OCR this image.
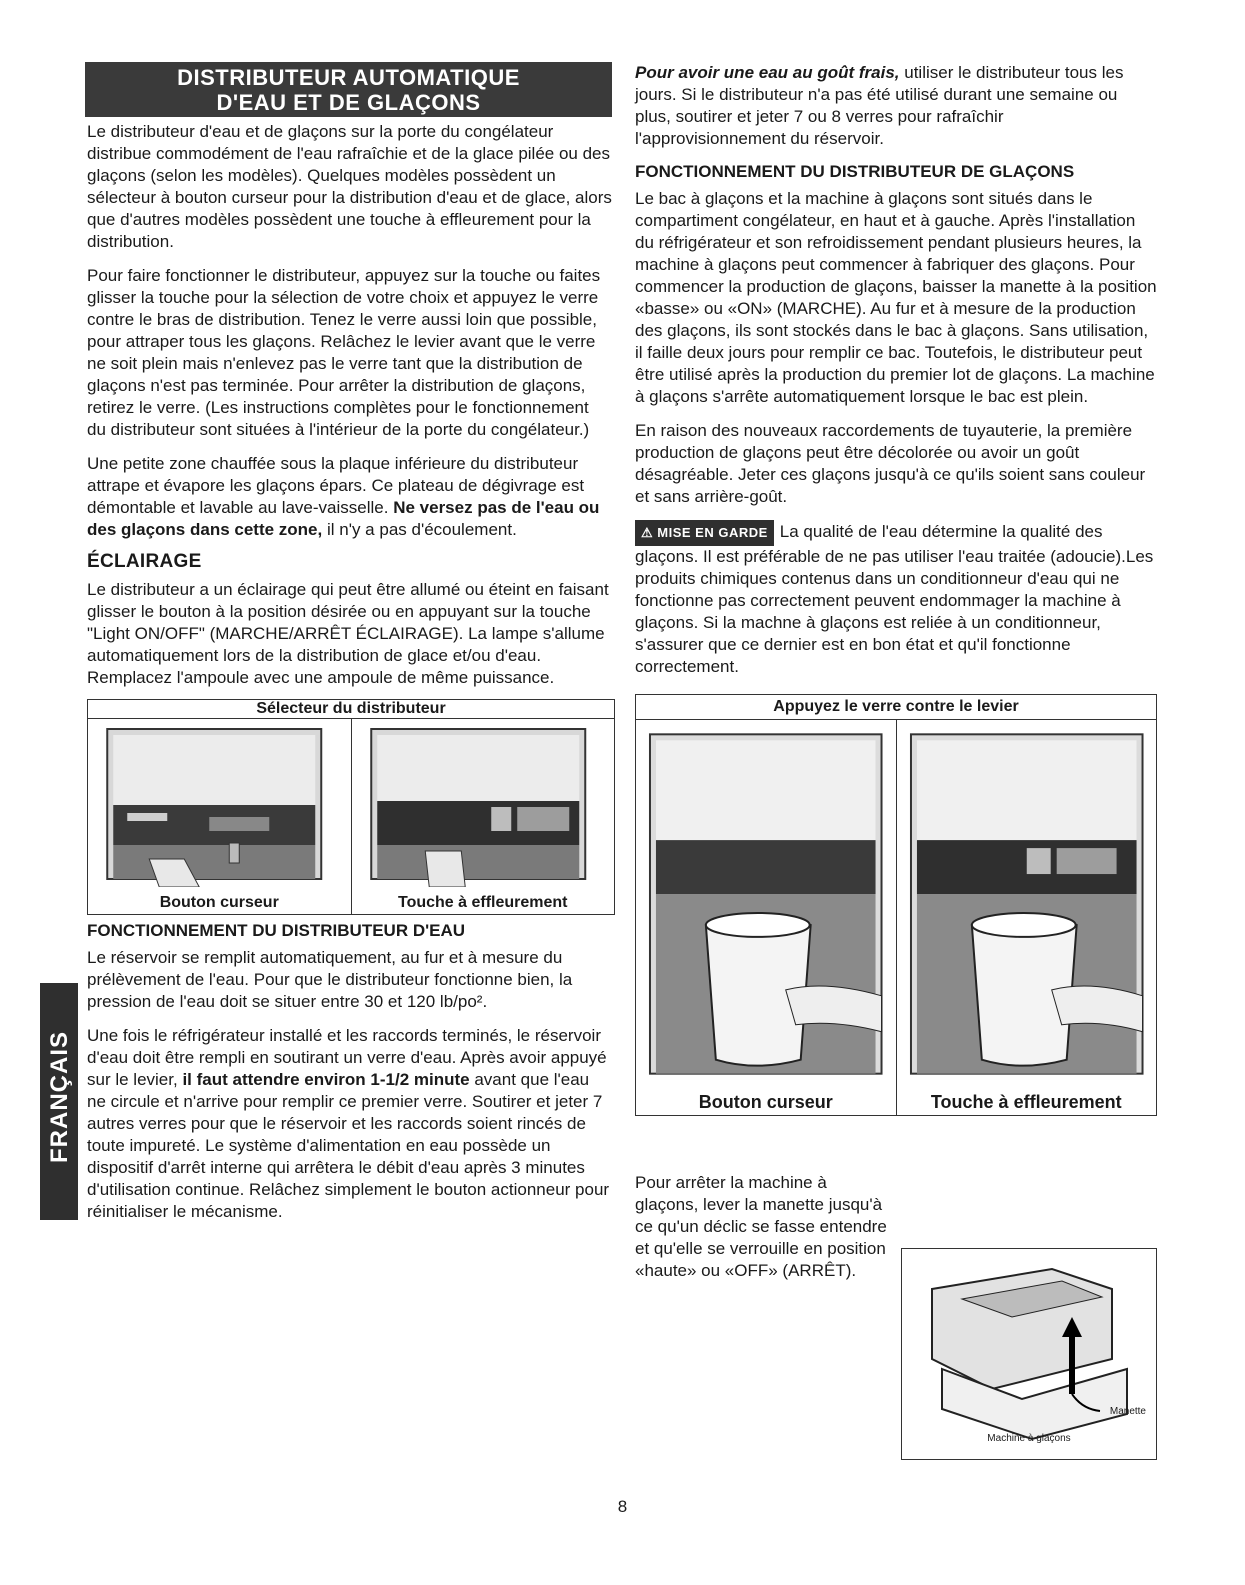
DISTRIBUTEUR AUTOMATIQUE
D'EAU ET DE GLAÇONS

Le distributeur d'eau et de glaçons sur la porte du congélateur distribue commodément de l'eau rafraîchie et de la glace pilée ou des glaçons (selon les modèles). Quelques modèles possèdent un sélecteur à bouton curseur pour la distribution d'eau et de glace, alors que d'autres modèles possèdent une touche à effleurement pour la distribution.

Pour faire fonctionner le distributeur, appuyez sur la touche ou faites glisser la touche pour la sélection de votre choix et appuyez le verre contre le bras de distribution. Tenez le verre aussi loin que possible, pour attraper tous les glaçons. Relâchez le levier avant que le verre ne soit plein mais n'enlevez pas le verre tant que la distribution de glaçons n'est pas terminée. Pour arrêter la distribution de glaçons, retirez le verre. (Les instructions complètes pour le fonctionnement du distributeur sont situées à l'intérieur de la porte du congélateur.)

Une petite zone chauffée sous la plaque inférieure du distributeur attrape et évapore les glaçons épars. Ce plateau de dégivrage est démontable et lavable au lave-vaisselle. Ne versez pas de l'eau ou des glaçons dans cette zone, il n'y a pas d'écoulement.

ÉCLAIRAGE

Le distributeur a un éclairage qui peut être allumé ou éteint en faisant glisser le bouton à la position désirée ou en appuyant sur la touche "Light ON/OFF" (MARCHE/ARRÊT ÉCLAIRAGE). La lampe s'allume automatiquement lors de la distribution de glace et/ou d'eau. Remplacez l'ampoule avec une ampoule de même puissance.

Sélecteur du distributeur
Bouton curseur	Touche à effleurement
FONCTIONNEMENT DU DISTRIBUTEUR D'EAU

Le réservoir se remplit automatiquement, au fur et à mesure du prélèvement de l'eau. Pour que le distributeur fonctionne bien, la pression de l'eau doit se situer entre 30 et 120 lb/po².

Une fois le réfrigérateur installé et les raccords terminés, le réservoir d'eau doit être rempli en soutirant un verre d'eau. Après avoir appuyé sur le levier, il faut attendre environ 1-1/2 minute avant que l'eau ne circule et n'arrive pour remplir ce premier verre. Soutirer et jeter 7 autres verres pour que le réservoir et les raccords soient rincés de toute impureté. Le système d'alimentation en eau possède un dispositif d'arrêt interne qui arrêtera le débit d'eau après 3 minutes d'utilisation continue. Relâchez simplement le bouton actionneur pour réinitialiser le mécanisme.

FRANÇAIS

Pour avoir une eau au goût frais, utiliser le distributeur tous les jours. Si le distributeur n'a pas été utilisé durant une semaine ou plus, soutirer et jeter 7 ou 8 verres pour rafraîchir l'approvisionnement du réservoir.

FONCTIONNEMENT DU DISTRIBUTEUR DE GLAÇONS

Le bac à glaçons et la machine à glaçons sont situés dans le compartiment congélateur, en haut et à gauche. Après l'installation du réfrigérateur et son refroidissement pendant plusieurs heures, la machine à glaçons peut commencer à fabriquer des glaçons. Pour commencer la production de glaçons, baisser la manette à la position «basse» ou «ON» (MARCHE). Au fur et à mesure de la production des glaçons, ils sont stockés dans le bac à glaçons. Sans utilisation, il faille deux jours pour remplir ce bac. Toutefois, le distributeur peut être utilisé après la production du premier lot de glaçons. La machine à glaçons s'arrête automatiquement lorsque le bac est plein.

En raison des nouveaux raccordements de tuyauterie, la première production de glaçons peut être décolorée ou avoir un goût désagréable. Jeter ces glaçons jusqu'à ce qu'ils soient sans couleur et sans arrière-goût.

⚠ MISE EN GARDE La qualité de l'eau détermine la qualité des glaçons. Il est préférable de ne pas utiliser l'eau traitée (adoucie).Les produits chimiques contenus dans un conditionneur d'eau qui ne fonctionne pas correctement peuvent endommager la machine à glaçons. Si la machne à glaçons est reliée à un conditionneur, s'assurer que ce dernier est en bon état et qu'il fonctionne correctement.

Appuyez le verre contre le levier
Bouton curseur	Touche à effleurement

Pour arrêter la machine à glaçons, lever la manette jusqu'à ce qu'un déclic se fasse entendre et qu'elle se verrouille en position «haute» ou «OFF» (ARRÊT).

Manette
Machine à glaçons
8
